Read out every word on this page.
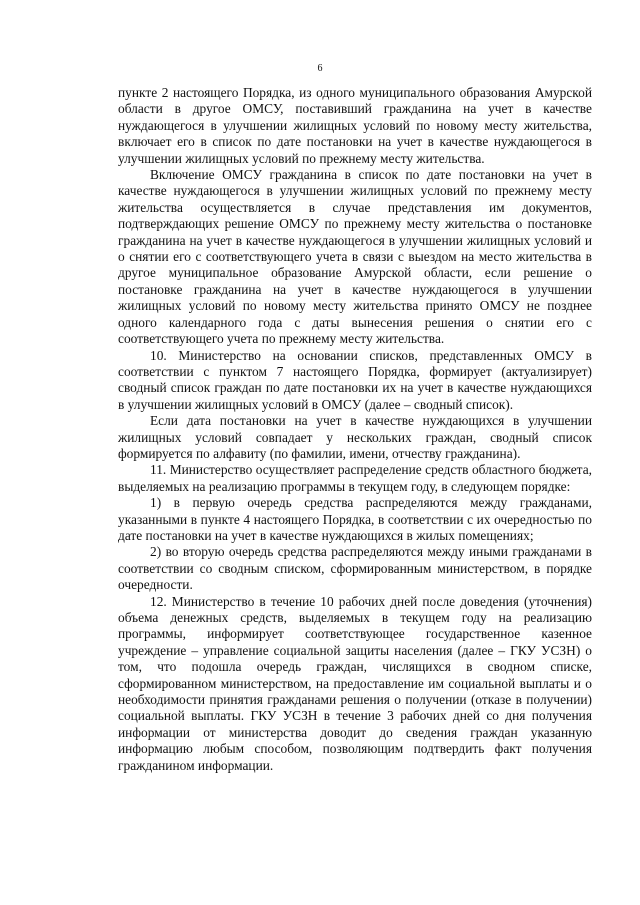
6

пункте 2 настоящего Порядка, из одного муниципального образования Амурской области в другое ОМСУ, поставивший гражданина на учет в качестве нуждающегося в улучшении жилищных условий по новому месту жительства, включает его в список по дате постановки на учет в качестве нуждающегося в улучшении жилищных условий по прежнему месту жительства.

Включение ОМСУ гражданина в список по дате постановки на учет в качестве нуждающегося в улучшении жилищных условий по прежнему месту жительства осуществляется в случае представления им документов, подтверждающих решение ОМСУ по прежнему месту жительства о постановке гражданина на учет в качестве нуждающегося в улучшении жилищных условий и о снятии его с соответствующего учета в связи с выездом на место жительства в другое муниципальное образование Амурской области, если решение о постановке гражданина на учет в качестве нуждающегося в улучшении жилищных условий по новому месту жительства принято ОМСУ не позднее одного календарного года с даты вынесения решения о снятии его с соответствующего учета по прежнему месту жительства.

10. Министерство на основании списков, представленных ОМСУ в соответствии с пунктом 7 настоящего Порядка, формирует (актуализирует) сводный список граждан по дате постановки их на учет в качестве нуждающихся в улучшении жилищных условий в ОМСУ (далее – сводный список).

Если дата постановки на учет в качестве нуждающихся в улучшении жилищных условий совпадает у нескольких граждан, сводный список формируется по алфавиту (по фамилии, имени, отчеству гражданина).

11. Министерство осуществляет распределение средств областного бюджета, выделяемых на реализацию программы в текущем году, в следующем порядке:

1) в первую очередь средства распределяются между гражданами, указанными в пункте 4 настоящего Порядка, в соответствии с их очередностью по дате постановки на учет в качестве нуждающихся в жилых помещениях;

2) во вторую очередь средства распределяются между иными гражданами в соответствии со сводным списком, сформированным министерством, в порядке очередности.

12. Министерство в течение 10 рабочих дней после доведения (уточнения) объема денежных средств, выделяемых в текущем году на реализацию программы, информирует соответствующее государственное казенное учреждение – управление социальной защиты населения (далее – ГКУ УСЗН) о том, что подошла очередь граждан, числящихся в сводном списке, сформированном министерством, на предоставление им социальной выплаты и о необходимости принятия гражданами решения о получении (отказе в получении) социальной выплаты. ГКУ УСЗН в течение 3 рабочих дней со дня получения информации от министерства доводит до сведения граждан указанную информацию любым способом, позволяющим подтвердить факт получения гражданином информации.
